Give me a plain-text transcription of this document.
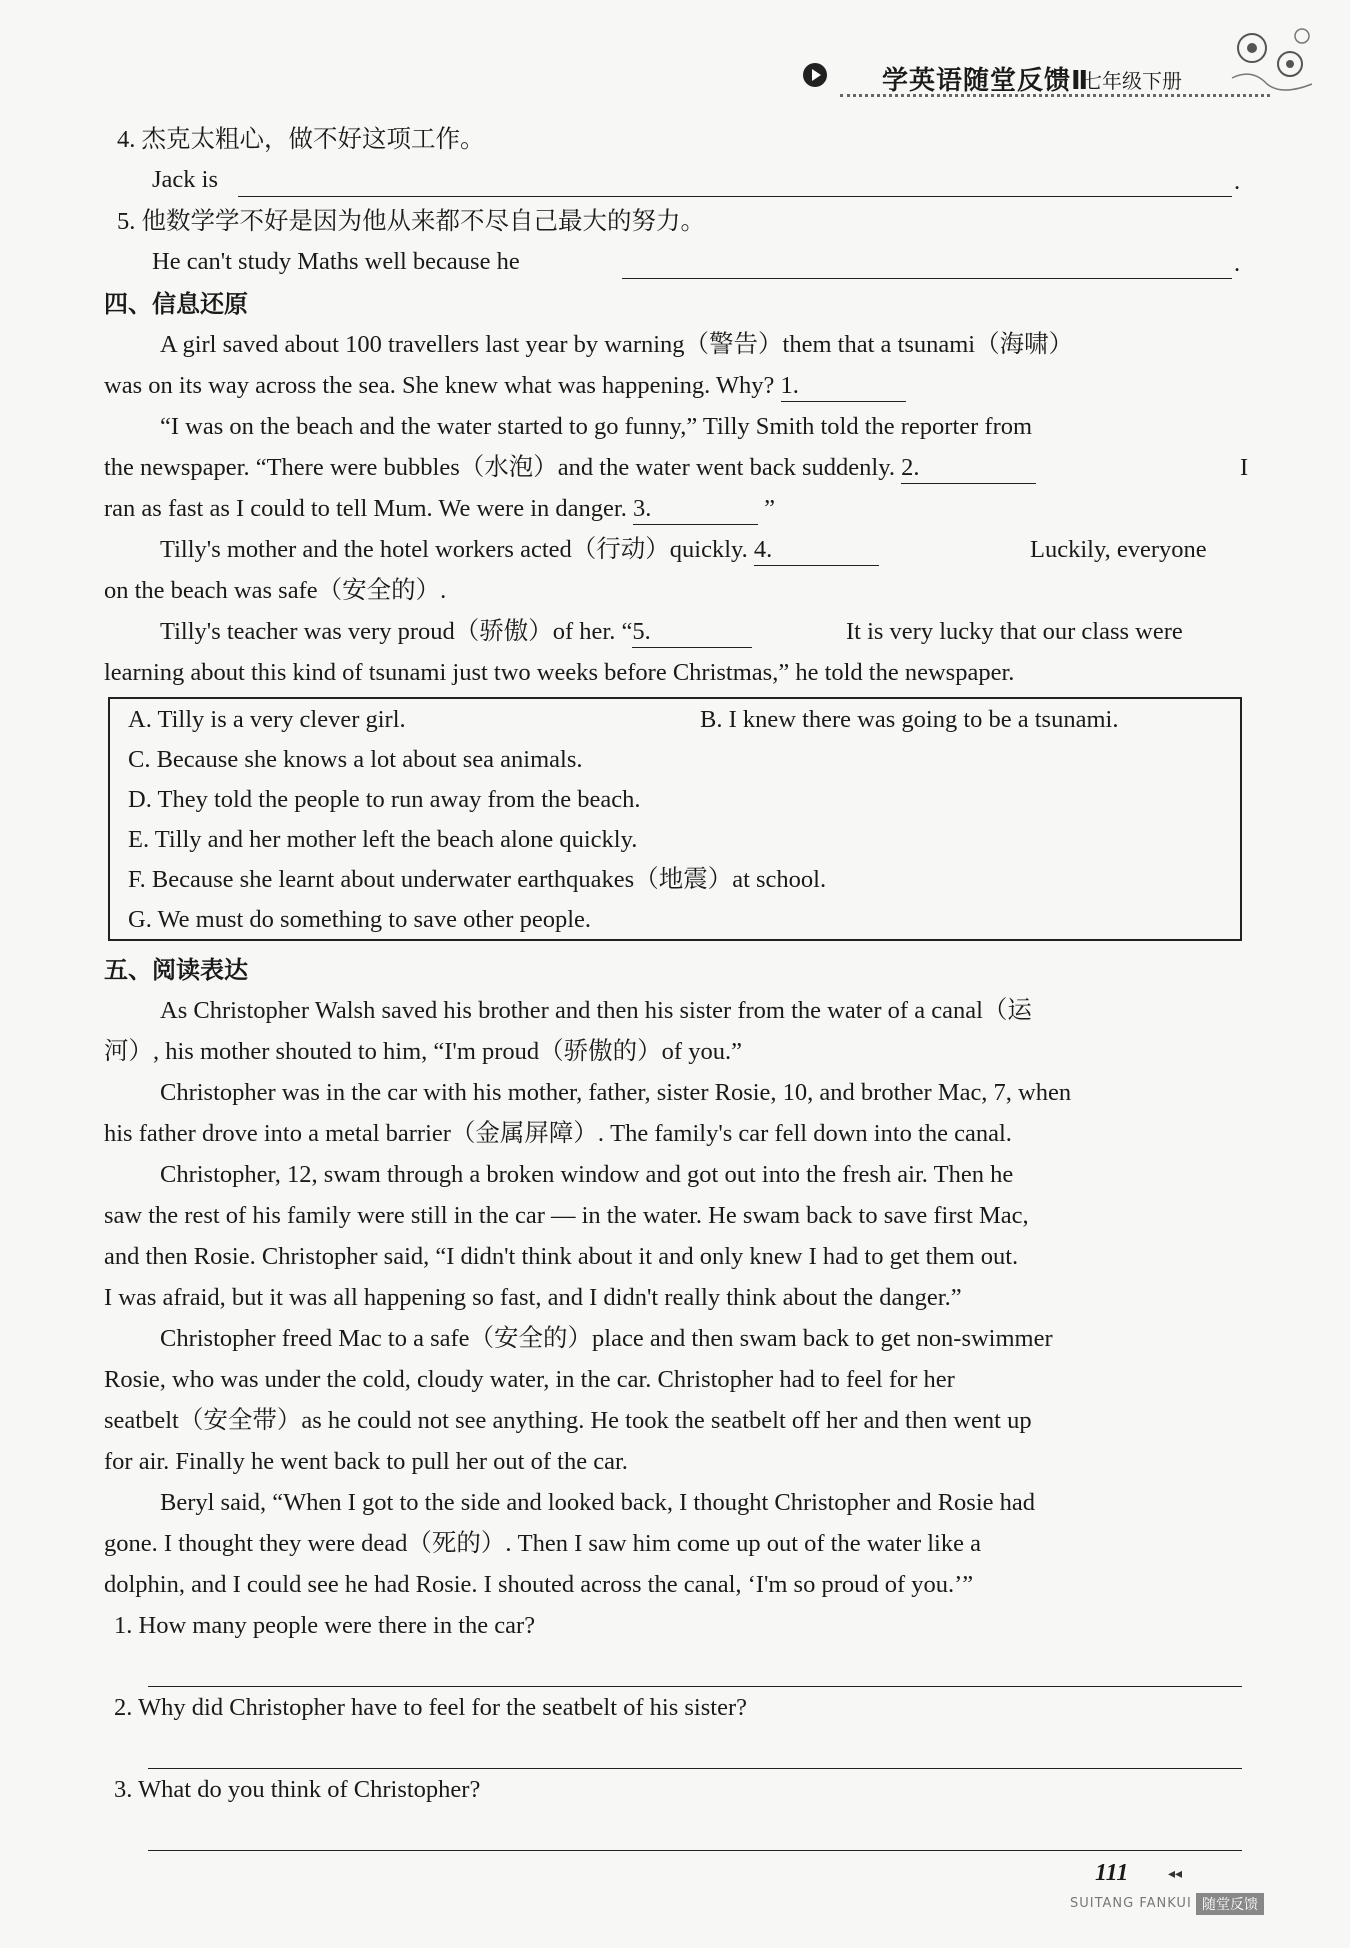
学英语随堂反馈Ⅱ
七年级下册
4. 杰克太粗心，做不好这项工作。
Jack is	.
5. 他数学学不好是因为他从来都不尽自己最大的努力。
He can't study Maths well because he	.
四、信息还原
A girl saved about 100 travellers last year by warning（警告）them that a tsunami（海啸）
was on its way across the sea. She knew what was happening. Why? 1.
“I was on the beach and the water started to go funny,” Tilly Smith told the reporter from
the newspaper. “There were bubbles（水泡）and the water went back suddenly. 2.	I
ran as fast as I could to tell Mum. We were in danger. 3.	”
Tilly's mother and the hotel workers acted（行动）quickly. 4.	Luckily, everyone
on the beach was safe（安全的）.
Tilly's teacher was very proud（骄傲）of her. “5.	It is very lucky that our class were
learning about this kind of tsunami just two weeks before Christmas,” he told the newspaper.
A. Tilly is a very clever girl.	B. I knew there was going to be a tsunami.
C. Because she knows a lot about sea animals.
D. They told the people to run away from the beach.
E. Tilly and her mother left the beach alone quickly.
F. Because she learnt about underwater earthquakes（地震）at school.
G. We must do something to save other people.
五、阅读表达
As Christopher Walsh saved his brother and then his sister from the water of a canal（运
河）, his mother shouted to him, “I'm proud（骄傲的）of you.”
Christopher was in the car with his mother, father, sister Rosie, 10, and brother Mac, 7, when
his father drove into a metal barrier（金属屏障）. The family's car fell down into the canal.
Christopher, 12, swam through a broken window and got out into the fresh air. Then he
saw the rest of his family were still in the car — in the water. He swam back to save first Mac,
and then Rosie. Christopher said, “I didn't think about it and only knew I had to get them out.
I was afraid, but it was all happening so fast, and I didn't really think about the danger.”
Christopher freed Mac to a safe（安全的）place and then swam back to get non-swimmer
Rosie, who was under the cold, cloudy water, in the car. Christopher had to feel for her
seatbelt（安全带）as he could not see anything. He took the seatbelt off her and then went up
for air. Finally he went back to pull her out of the car.
Beryl said, “When I got to the side and looked back, I thought Christopher and Rosie had
gone. I thought they were dead（死的）. Then I saw him come up out of the water like a
dolphin, and I could see he had Rosie. I shouted across the canal, ‘I'm so proud of you.’”
1. How many people were there in the car?
2. Why did Christopher have to feel for the seatbelt of his sister?
3. What do you think of Christopher?
111	◂◂
SUITANG FANKUI 随堂反馈
